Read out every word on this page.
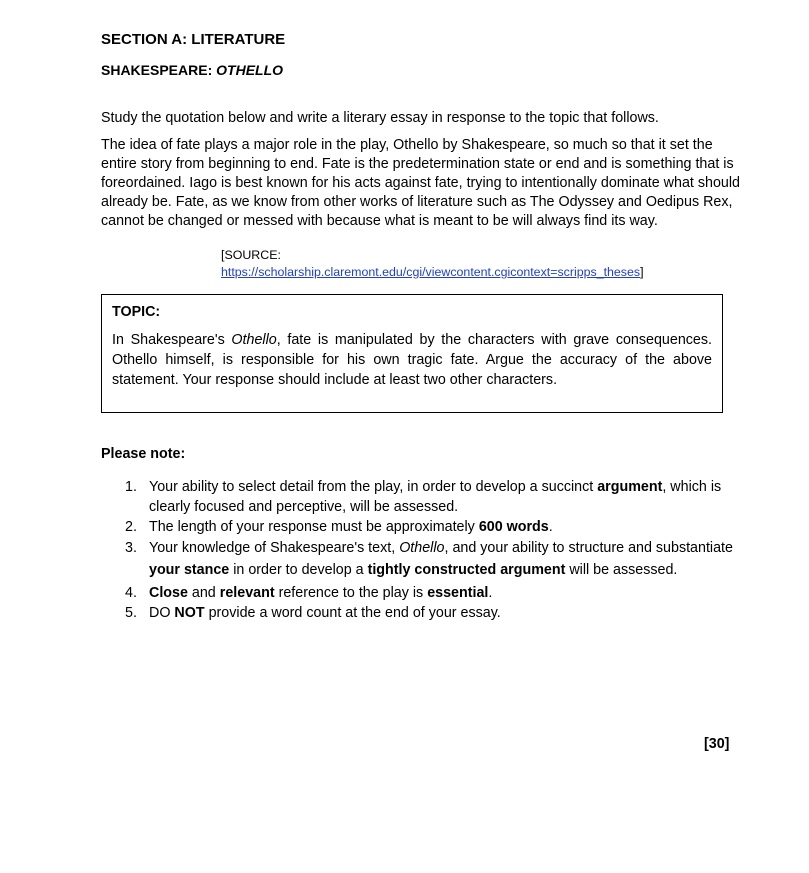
SECTION A: LITERATURE

SHAKESPEARE: OTHELLO

Study the quotation below and write a literary essay in response to the topic that follows.

The idea of fate plays a major role in the play, Othello by Shakespeare, so much so that it set the entire story from beginning to end. Fate is the predetermination state or end and is something that is foreordained. Iago is best known for his acts against fate, trying to intentionally dominate what should already be. Fate, as we know from other works of literature such as The Odyssey and Oedipus Rex, cannot be changed or messed with because what is meant to be will always find its way.

[SOURCE:
https://scholarship.claremont.edu/cgi/viewcontent.cgicontext=scripps_theses]

TOPIC:

In Shakespeare's Othello, fate is manipulated by the characters with grave consequences. Othello himself, is responsible for his own tragic fate. Argue the accuracy of the above statement. Your response should include at least two other characters.

Please note:

1. Your ability to select detail from the play, in order to develop a succinct argument, which is clearly focused and perceptive, will be assessed.
2. The length of your response must be approximately 600 words.
3. Your knowledge of Shakespeare's text, Othello, and your ability to structure and substantiate your stance in order to develop a tightly constructed argument will be assessed.
4. Close and relevant reference to the play is essential.
5. DO NOT provide a word count at the end of your essay.
[30]
